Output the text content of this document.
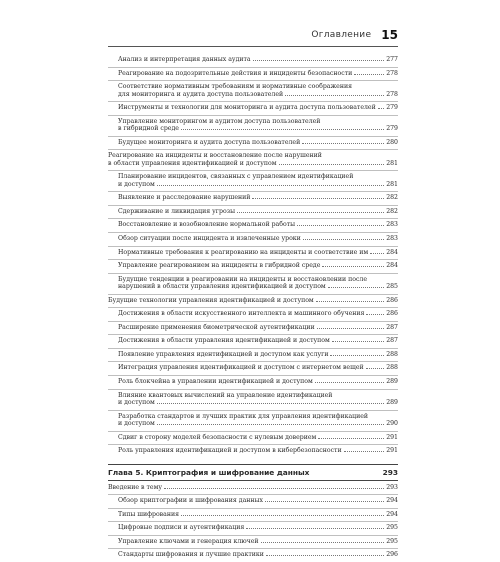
Оглавление 15
Анализ и интерпретация данных аудита	277
Реагирование на подозрительные действия и инциденты безопасности	278
Соответствие нормативным требованиям и нормативные соображения
для мониторинга и аудита доступа пользователей	278
Инструменты и технологии для мониторинга и аудита доступа пользователей 279
Управление мониторингом и аудитом доступа пользователей
в гибридной среде	279
Будущее мониторинга и аудита доступа пользователей	280
Реагирование на инциденты и восстановление после нарушений
в области управления идентификацией и доступом	281
Планирование инцидентов, связанных с управлением идентификацией
и доступом	281
Выявление и расследование нарушений	282
Сдерживание и ликвидация угрозы	282
Восстановление и возобновление нормальной работы	283
Обзор ситуации после инцидента и извлеченные уроки	283
Нормативные требования к реагированию на инциденты и соответствие им	284
Управление реагированием на инциденты в гибридной среде	284
Будущие тенденции в реагировании на инциденты и восстановлении после
нарушений в области управления идентификацией и доступом	285
Будущие технологии управления идентификацией и доступом	286
Достижения в области искусственного интеллекта и машинного обучения	286
Расширение применения биометрической аутентификации	287
Достижения в области управления идентификацией и доступом	287
Появление управления идентификацией и доступом как услуги	288
Интеграция управления идентификацией и доступом с интернетом вещей	288
Роль блокчейна в управлении идентификацией и доступом	289
Влияние квантовых вычислений на управление идентификацией
и доступом	289
Разработка стандартов и лучших практик для управления идентификацией
и доступом	290
Сдвиг в сторону моделей безопасности с нулевым доверием	291
Роль управления идентификацией и доступом в кибербезопасности	291
Глава 5. Криптография и шифрование данных	293
Введение в тему	293
Обзор криптографии и шифрования данных	294
Типы шифрования	294
Цифровые подписи и аутентификация	295
Управление ключами и генерация ключей	295
Стандарты шифрования и лучшие практики	296
